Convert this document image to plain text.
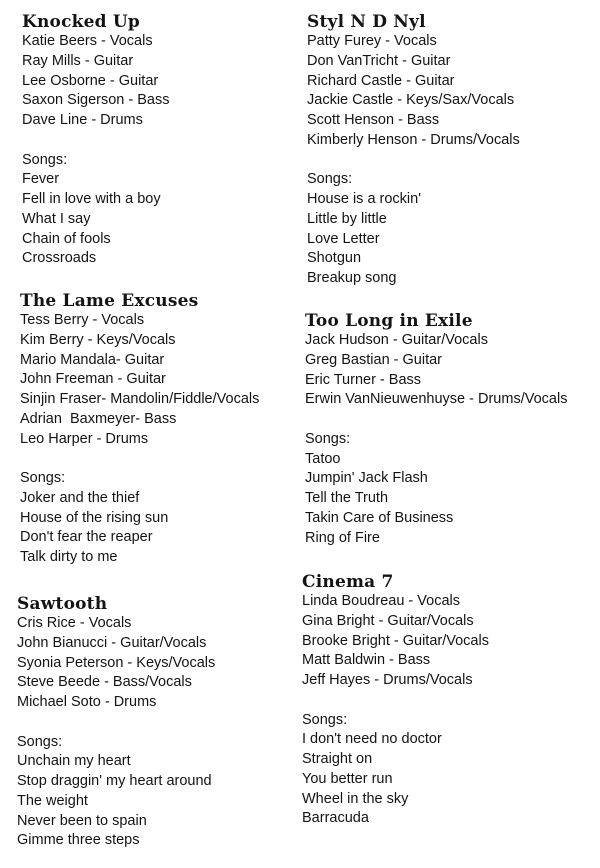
Knocked Up
Katie Beers - Vocals
Ray Mills - Guitar
Lee Osborne - Guitar
Saxon Sigerson - Bass
Dave Line - Drums
Songs:
Fever
Fell in love with a boy
What I say
Chain of fools
Crossroads
The Lame Excuses
Tess Berry - Vocals
Kim Berry - Keys/Vocals
Mario Mandala- Guitar
John Freeman - Guitar
Sinjin Fraser- Mandolin/Fiddle/Vocals
Adrian  Baxmeyer- Bass
Leo Harper - Drums
Songs:
Joker and the thief
House of the rising sun
Don't fear the reaper
Talk dirty to me
Sawtooth
Cris Rice - Vocals
John Bianucci - Guitar/Vocals
Syonia Peterson - Keys/Vocals
Steve Beede - Bass/Vocals
Michael Soto - Drums
Songs:
Unchain my heart
Stop draggin' my heart around
The weight
Never been to spain
Gimme three steps
Styl N D Nyl
Patty Furey - Vocals
Don VanTricht - Guitar
Richard Castle - Guitar
Jackie Castle - Keys/Sax/Vocals
Scott Henson - Bass
Kimberly Henson - Drums/Vocals
Songs:
House is a rockin'
Little by little
Love Letter
Shotgun
Breakup song
Too Long in Exile
Jack Hudson - Guitar/Vocals
Greg Bastian - Guitar
Eric Turner - Bass
Erwin VanNieuwenhuyse - Drums/Vocals
Songs:
Tatoo
Jumpin' Jack Flash
Tell the Truth
Takin Care of Business
Ring of Fire
Cinema 7
Linda Boudreau - Vocals
Gina Bright - Guitar/Vocals
Brooke Bright - Guitar/Vocals
Matt Baldwin - Bass
Jeff Hayes - Drums/Vocals
Songs:
I don't need no doctor
Straight on
You better run
Wheel in the sky
Barracuda
